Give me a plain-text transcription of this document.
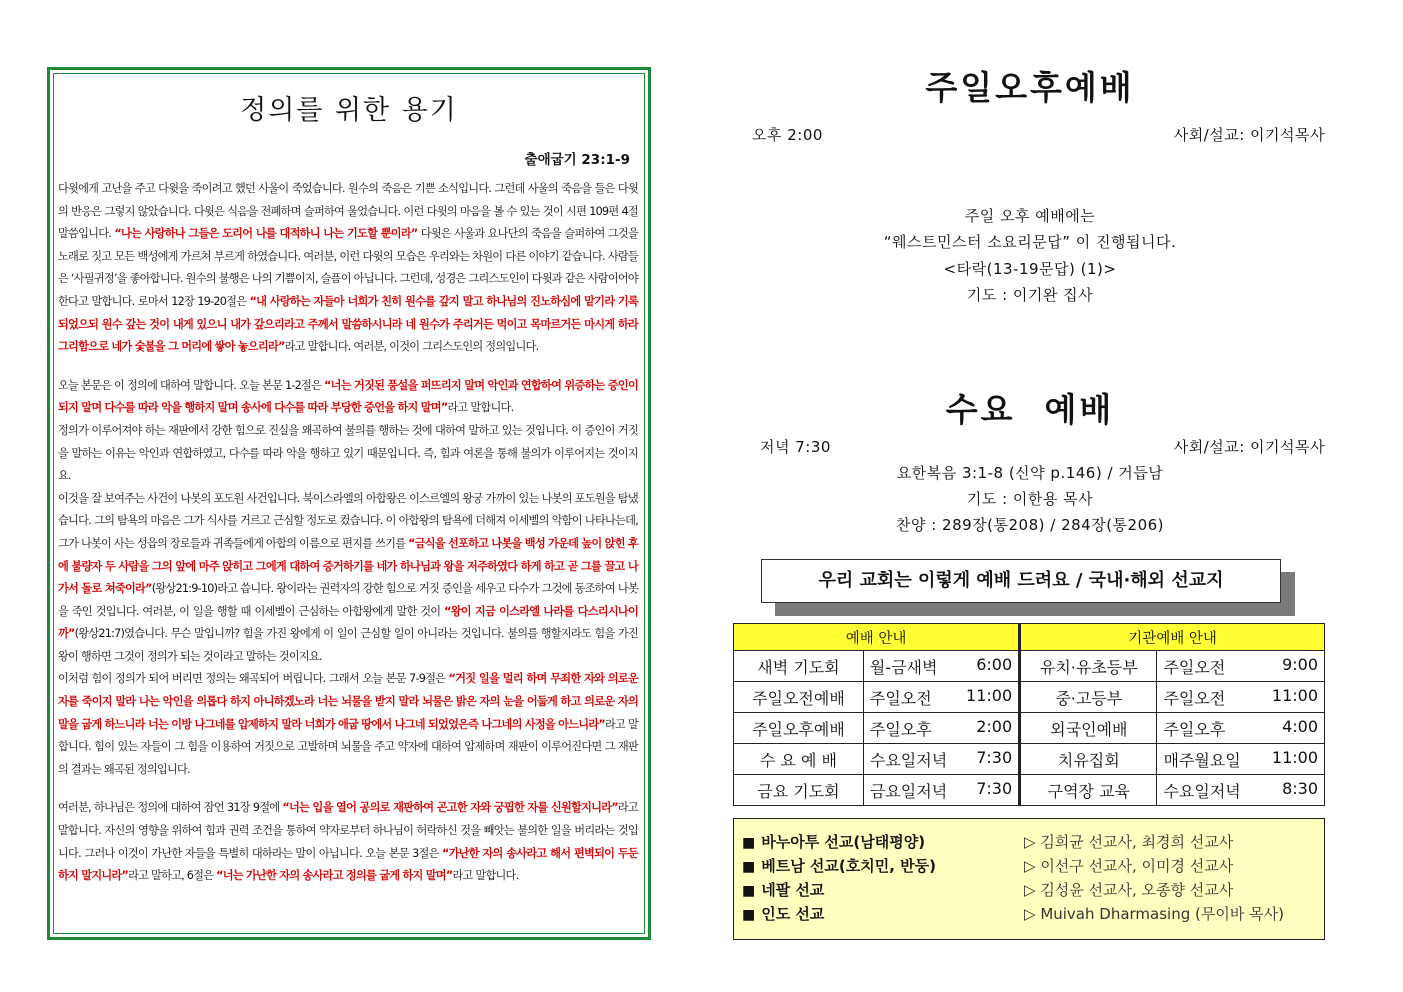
정의를 위한 용기
출애굽기 23:1-9

다윗에게 고난을 주고 다윗을 죽이려고 했던 사울이 죽었습니다. 원수의 죽음은 기쁜 소식입니다. 그런데 사울의 죽음을 들은 다윗의 반응은 그렇지 않았습니다. 다윗은 식음을 전폐하며 슬퍼하여 울었습니다. 이런 다윗의 마음을 볼 수 있는 것이 시편 109편 4절 말씀입니다. “나는 사랑하나 그들은 도리어 나를 대적하니 나는 기도할 뿐이라” 다윗은 사울과 요나단의 죽음을 슬퍼하여 그것을 노래로 짓고 모든 백성에게 가르쳐 부르게 하였습니다. 여러분, 이런 다윗의 모습은 우리와는 차원이 다른 이야기 같습니다. 사람들은 ‘사필귀정’을 좋아합니다. 원수의 불행은 나의 기쁨이지, 슬픔이 아닙니다. 그런데, 성경은 그리스도인이 다윗과 같은 사람이어야 한다고 말합니다. 로마서 12장 19-20절은 “내 사랑하는 자들아 너희가 친히 원수를 갚지 말고 하나님의 진노하심에 맡기라 기록되었으되 원수 갚는 것이 내게 있으니 내가 갚으리라고 주께서 말씀하시니라 네 원수가 주리거든 먹이고 목마르거든 마시게 하라 그리함으로 네가 숯불을 그 머리에 쌓아 놓으리라”라고 말합니다. 여러분, 이것이 그리스도인의 정의입니다.

오늘 본문은 이 정의에 대하여 말합니다. 오늘 본문 1-2절은 “너는 거짓된 풍설을 퍼뜨리지 말며 악인과 연합하여 위증하는 증인이 되지 말며 다수를 따라 악을 행하지 말며 송사에 다수를 따라 부당한 증언을 하지 말며”라고 말합니다.

정의가 이루어져야 하는 재판에서 강한 힘으로 진실을 왜곡하여 불의를 행하는 것에 대하여 말하고 있는 것입니다. 이 증인이 거짓을 말하는 이유는 악인과 연합하였고, 다수를 따라 악을 행하고 있기 때문입니다. 즉, 힘과 여론을 통해 불의가 이루어지는 것이지요.

이것을 잘 보여주는 사건이 나봇의 포도원 사건입니다. 북이스라엘의 아합왕은 이스르엘의 왕궁 가까이 있는 나봇의 포도원을 탐냈습니다. 그의 탐욕의 마음은 그가 식사를 거르고 근심할 정도로 컸습니다. 이 아합왕의 탐욕에 더해져 이세벨의 악함이 나타나는데, 그가 나봇이 사는 성읍의 장로들과 귀족들에게 아합의 이름으로 편지를 쓰기를 “금식을 선포하고 나봇을 백성 가운데 높이 앉힌 후에 불량자 두 사람을 그의 앞에 마주 앉히고 그에게 대하여 증거하기를 네가 하나님과 왕을 저주하였다 하게 하고 곧 그를 끌고 나가서 돌로 쳐죽이라”(왕상21:9-10)라고 씁니다. 왕이라는 권력자의 강한 힘으로 거짓 증인을 세우고 다수가 그것에 동조하여 나봇을 죽인 것입니다. 여러분, 이 일을 행할 때 이세벨이 근심하는 아합왕에게 말한 것이 “왕이 지금 이스라엘 나라를 다스리시나이까”(왕상21:7)였습니다. 무슨 말입니까? 힘을 가진 왕에게 이 일이 근심할 일이 아니라는 것입니다. 불의를 행할지라도 힘을 가진 왕이 행하면 그것이 정의가 되는 것이라고 말하는 것이지요.

이처럼 힘이 정의가 되어 버리면 정의는 왜곡되어 버립니다. 그래서 오늘 본문 7-9절은 “거짓 일을 멀리 하며 무죄한 자와 의로운 자를 죽이지 말라 나는 악인을 의롭다 하지 아니하겠노라 너는 뇌물을 받지 말라 뇌물은 밝은 자의 눈을 어둡게 하고 의로운 자의 말을 굽게 하느니라 너는 이방 나그네를 압제하지 말라 너희가 애굽 땅에서 나그네 되었었은즉 나그네의 사정을 아느니라”라고 말합니다. 힘이 있는 자들이 그 힘을 이용하여 거짓으로 고발하며 뇌물을 주고 약자에 대하여 압제하며 재판이 이루어진다면 그 재판의 결과는 왜곡된 정의입니다.

여러분, 하나님은 정의에 대하여 잠언 31장 9절에 “너는 입을 열어 공의로 재판하여 곤고한 자와 궁핍한 자를 신원할지니라”라고 말합니다. 자신의 영향을 위하여 힘과 권력 조건을 통하여 약자로부터 하나님이 허락하신 것을 빼앗는 불의한 일을 버리라는 것입니다. 그러나 이것이 가난한 자들을 특별히 대하라는 말이 아닙니다. 오늘 본문 3절은 “가난한 자의 송사라고 해서 편벽되이 두둔하지 말지니라”라고 말하고, 6절은 “너는 가난한 자의 송사라고 정의를 굽게 하지 말며”라고 말합니다.

주일오후예배
오후 2:00	사회/설교: 이기석목사
주일 오후 예배에는
“웨스트민스터 소요리문답” 이 진행됩니다.
<타락(13-19문답) (1)>
기도 : 이기완 집사
수요  예배
저녁 7:30	사회/설교: 이기석목사
요한복음 3:1-8 (신약 p.146) / 거듭남
기도 : 이한용 목사
찬양 : 289장(통208) / 284장(통206)
우리 교회는 이렇게 예배 드려요 / 국내·해외 선교지
예배 안내		기관예배 안내	
새벽 기도회	월-금새벽 6:00	유치·유초등부	주일오전 9:00

주일오전예배	주일오전 11:00	중·고등부	주일오전 11:00

주일오후예배	주일오후 2:00	외국인예배	주일오후 4:00

수 요 예 배	수요일저녁 7:30	치유집회	매주월요일 11:00

금요 기도회	금요일저녁 7:30	구역장 교육	수요일저녁 8:30
■ 바누아투 선교(남태평양)	▷ 김희균 선교사, 최경희 선교사
■ 베트남 선교(호치민, 반둥)	▷ 이선구 선교사, 이미경 선교사
■ 네팔 선교	▷ 김성윤 선교사, 오종향 선교사
■ 인도 선교	▷ Muivah Dharmasing (무이바 목사)
